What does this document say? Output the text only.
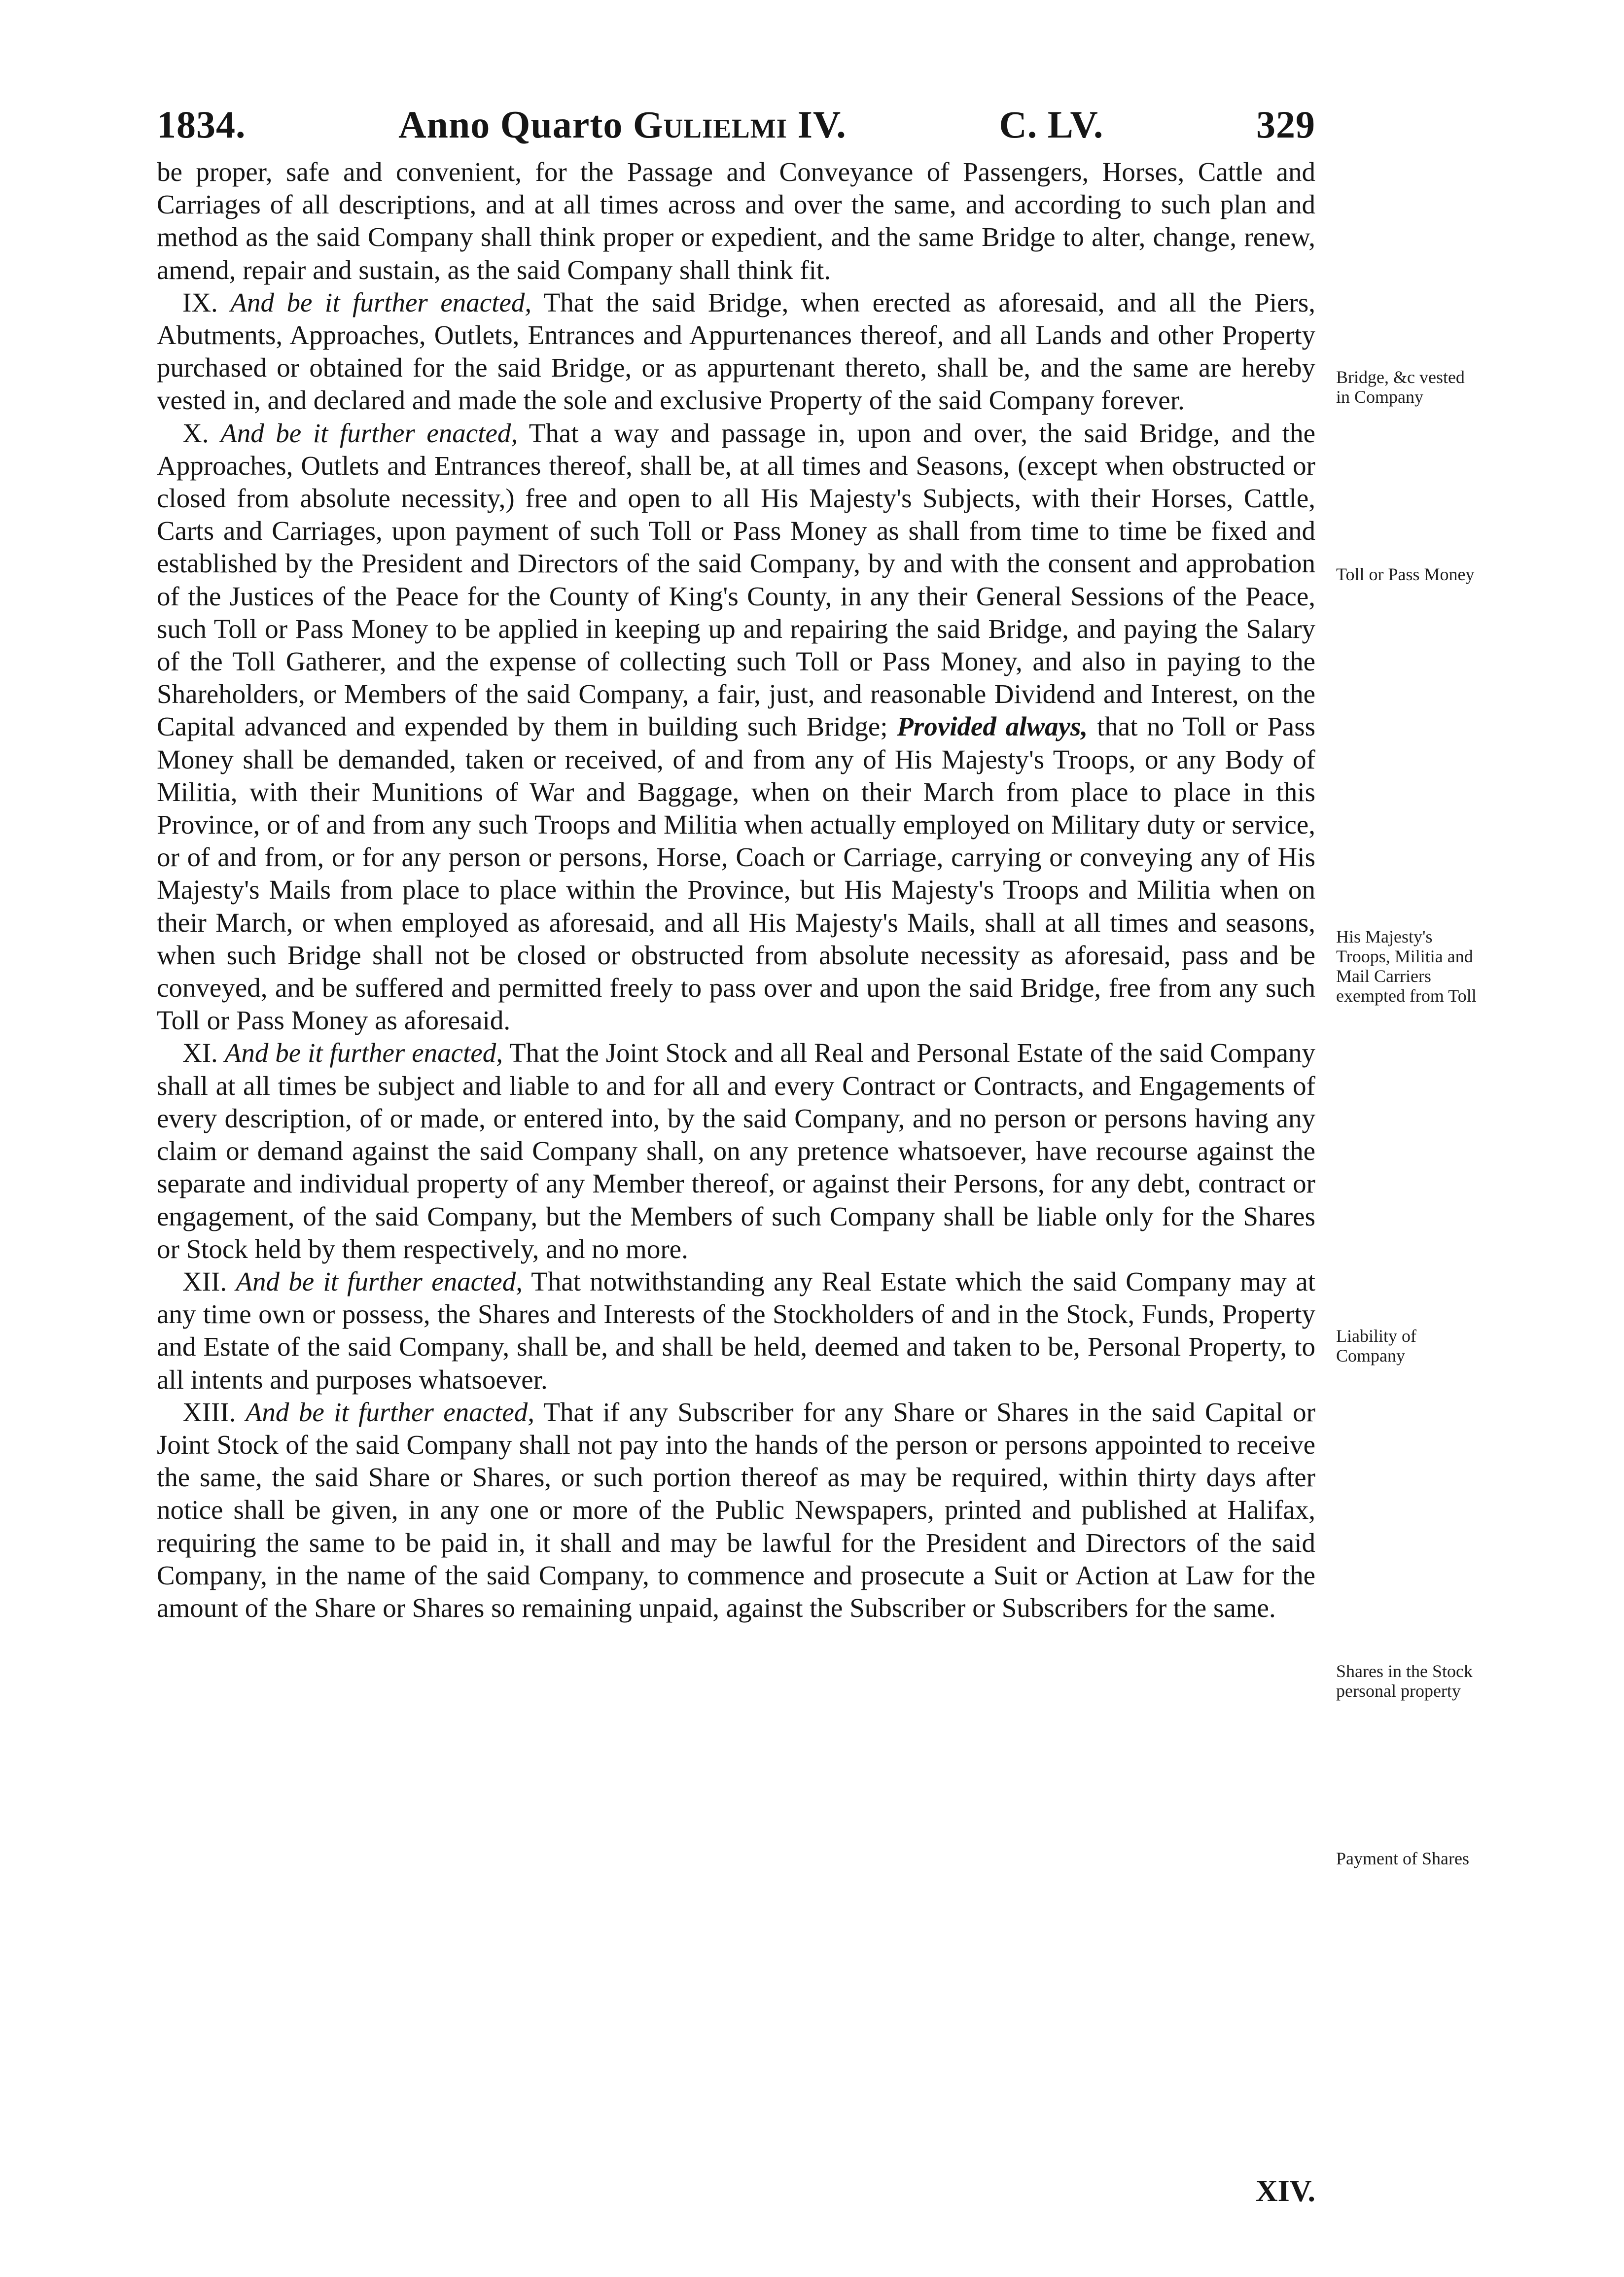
1834.	Anno Quarto Gulielmi IV.	C. LV.	329

be proper, safe and convenient, for the Passage and Conveyance of Passengers, Horses, Cattle and Carriages of all descriptions, and at all times across and over the same, and according to such plan and method as the said Company shall think proper or expedient, and the same Bridge to alter, change, renew, amend, repair and sustain, as the said Company shall think fit.

IX. And be it further enacted, That the said Bridge, when erected as aforesaid, and all the Piers, Abutments, Approaches, Outlets, Entrances and Appurtenances thereof, and all Lands and other Property purchased or obtained for the said Bridge, or as appurtenant thereto, shall be, and the same are hereby vested in, and declared and made the sole and exclusive Property of the said Company forever.

X. And be it further enacted, That a way and passage in, upon and over, the said Bridge, and the Approaches, Outlets and Entrances thereof, shall be, at all times and Seasons, (except when obstructed or closed from absolute necessity,) free and open to all His Majesty's Subjects, with their Horses, Cattle, Carts and Carriages, upon payment of such Toll or Pass Money as shall from time to time be fixed and established by the President and Directors of the said Company, by and with the consent and approbation of the Justices of the Peace for the County of King's County, in any their General Sessions of the Peace, such Toll or Pass Money to be applied in keeping up and repairing the said Bridge, and paying the Salary of the Toll Gatherer, and the expense of collecting such Toll or Pass Money, and also in paying to the Shareholders, or Members of the said Company, a fair, just, and reasonable Dividend and Interest, on the Capital advanced and expended by them in building such Bridge; Provided always, that no Toll or Pass Money shall be demanded, taken or received, of and from any of His Majesty's Troops, or any Body of Militia, with their Munitions of War and Baggage, when on their March from place to place in this Province, or of and from any such Troops and Militia when actually employed on Military duty or service, or of and from, or for any person or persons, Horse, Coach or Carriage, carrying or conveying any of His Majesty's Mails from place to place within the Province, but His Majesty's Troops and Militia when on their March, or when employed as aforesaid, and all His Majesty's Mails, shall at all times and seasons, when such Bridge shall not be closed or obstructed from absolute necessity as aforesaid, pass and be conveyed, and be suffered and permitted freely to pass over and upon the said Bridge, free from any such Toll or Pass Money as aforesaid.

XI. And be it further enacted, That the Joint Stock and all Real and Personal Estate of the said Company shall at all times be subject and liable to and for all and every Contract or Contracts, and Engagements of every description, of or made, or entered into, by the said Company, and no person or persons having any claim or demand against the said Company shall, on any pretence whatsoever, have recourse against the separate and individual property of any Member thereof, or against their Persons, for any debt, contract or engagement, of the said Company, but the Members of such Company shall be liable only for the Shares or Stock held by them respectively, and no more.

XII. And be it further enacted, That notwithstanding any Real Estate which the said Company may at any time own or possess, the Shares and Interests of the Stockholders of and in the Stock, Funds, Property and Estate of the said Company, shall be, and shall be held, deemed and taken to be, Personal Property, to all intents and purposes whatsoever.

XIII. And be it further enacted, That if any Subscriber for any Share or Shares in the said Capital or Joint Stock of the said Company shall not pay into the hands of the person or persons appointed to receive the same, the said Share or Shares, or such portion thereof as may be required, within thirty days after notice shall be given, in any one or more of the Public Newspapers, printed and published at Halifax, requiring the same to be paid in, it shall and may be lawful for the President and Directors of the said Company, in the name of the said Company, to commence and prosecute a Suit or Action at Law for the amount of the Share or Shares so remaining unpaid, against the Subscriber or Subscribers for the same.

Bridge, &c vested in Company
Toll or Pass Money
His Majesty's Troops, Militia and Mail Carriers exempted from Toll
Liability of Company
Shares in the Stock personal property
Payment of Shares
XIV.
